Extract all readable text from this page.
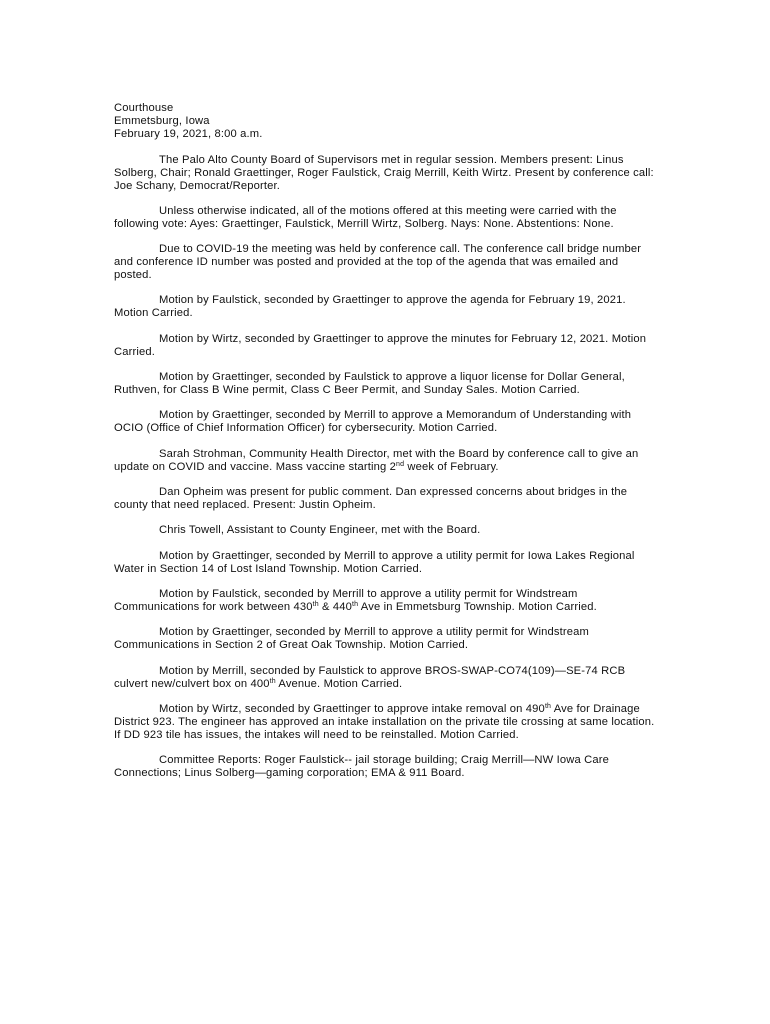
Courthouse
Emmetsburg, Iowa
February 19, 2021, 8:00 a.m.

The Palo Alto County Board of Supervisors met in regular session. Members present: Linus Solberg, Chair; Ronald Graettinger, Roger Faulstick, Craig Merrill, Keith Wirtz. Present by conference call: Joe Schany, Democrat/Reporter.

Unless otherwise indicated, all of the motions offered at this meeting were carried with the following vote: Ayes: Graettinger, Faulstick, Merrill Wirtz, Solberg. Nays: None. Abstentions: None.

Due to COVID-19 the meeting was held by conference call. The conference call bridge number and conference ID number was posted and provided at the top of the agenda that was emailed and posted.

Motion by Faulstick, seconded by Graettinger to approve the agenda for February 19, 2021. Motion Carried.

Motion by Wirtz, seconded by Graettinger to approve the minutes for February 12, 2021. Motion Carried.

Motion by Graettinger, seconded by Faulstick to approve a liquor license for Dollar General, Ruthven, for Class B Wine permit, Class C Beer Permit, and Sunday Sales. Motion Carried.

Motion by Graettinger, seconded by Merrill to approve a Memorandum of Understanding with OCIO (Office of Chief Information Officer) for cybersecurity. Motion Carried.

Sarah Strohman, Community Health Director, met with the Board by conference call to give an update on COVID and vaccine. Mass vaccine starting 2nd week of February.

Dan Opheim was present for public comment. Dan expressed concerns about bridges in the county that need replaced. Present: Justin Opheim.

Chris Towell, Assistant to County Engineer, met with the Board.

Motion by Graettinger, seconded by Merrill to approve a utility permit for Iowa Lakes Regional Water in Section 14 of Lost Island Township. Motion Carried.

Motion by Faulstick, seconded by Merrill to approve a utility permit for Windstream Communications for work between 430th & 440th Ave in Emmetsburg Township. Motion Carried.

Motion by Graettinger, seconded by Merrill to approve a utility permit for Windstream Communications in Section 2 of Great Oak Township. Motion Carried.

Motion by Merrill, seconded by Faulstick to approve BROS-SWAP-CO74(109)—SE-74 RCB culvert new/culvert box on 400th Avenue. Motion Carried.

Motion by Wirtz, seconded by Graettinger to approve intake removal on 490th Ave for Drainage District 923. The engineer has approved an intake installation on the private tile crossing at same location. If DD 923 tile has issues, the intakes will need to be reinstalled. Motion Carried.

Committee Reports: Roger Faulstick-- jail storage building; Craig Merrill—NW Iowa Care Connections; Linus Solberg—gaming corporation; EMA & 911 Board.
